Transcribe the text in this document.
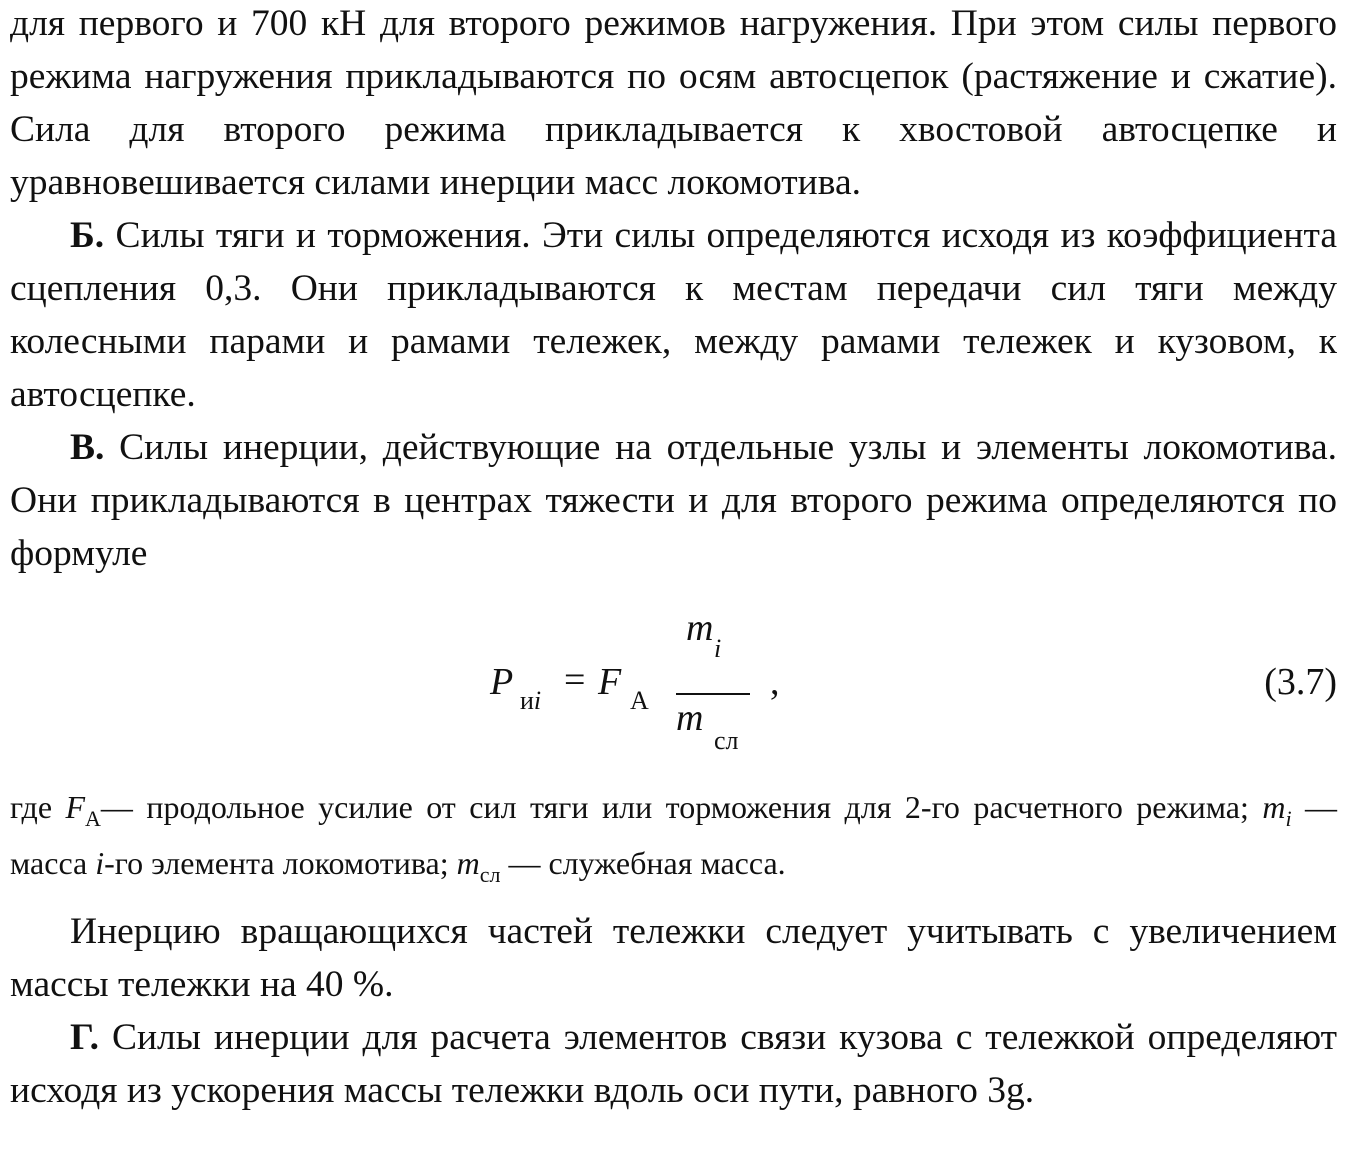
для первого и 700 кН для второго режимов нагружения. При этом силы первого режима нагружения прикладываются по осям автосцепок (растяжение и сжатие). Сила для второго режима прикладывается к хвостовой автосцепке и уравновешивается силами инерции масс локомотива.

Б. Силы тяги и торможения. Эти силы определяются исходя из коэффициента сцепления 0,3. Они прикладываются к местам передачи сил тяги между колесными парами и рамами тележек, между рамами тележек и кузовом, к автосцепке.

В. Силы инерции, действующие на отдельные узлы и элементы локомотива. Они прикладываются в центрах тяжести и для второго режима определяются по формуле

P иi = F А
m i
m
сл
,	(3.7)

где $F_А—$ продольное усилие от сил тяги или торможения для 2-го расчетного режима; $m_i$ — масса i-го элемента локомотива; $m_{сл}$ — служебная масса.

Инерцию вращающихся частей тележки следует учитывать с увеличением массы тележки на 40 %.

Г. Силы инерции для расчета элементов связи кузова с тележкой определяют исходя из ускорения массы тележки вдоль оси пути, равного 3g.
